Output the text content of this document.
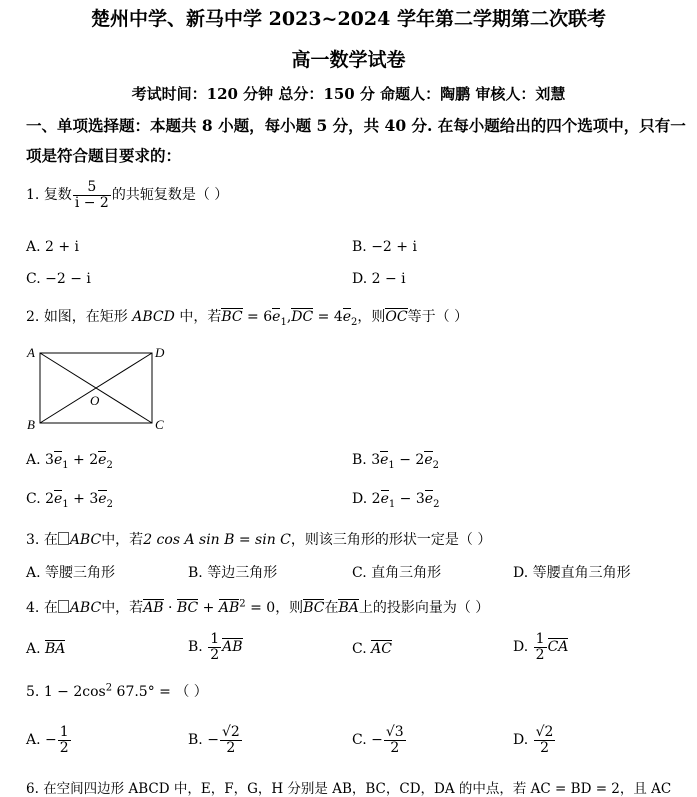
楚州中学、新马中学 2023~2024 学年第二学期第二次联考
高一数学试卷
考试时间：120 分钟 总分：150 分 命题人：陶鹏 审核人：刘慧
一、单项选择题：本题共 8 小题，每小题 5 分，共 40 分. 在每小题给出的四个选项中，只有一
项是符合题目要求的：
1. 复数 $\frac{5}{i - 2}$ 的共轭复数是（ ）
A. 2 + i	B. −2 + i
C. −2 − i	D. 2 − i
2. 如图，在矩形 ABCD 中，若BC = $6e_1,DC = 4e_2$，则OC等于（ ）
A	D
B	C
O
A. $3e_1 + 2e_2$	B. $3e_1 - 2e_2$
C. $2e_1 + 3e_2$	D. $2e_1 - 3e_2$
3. 在 ABC中，若2 cos A sin B = sin C，则该三角形的形状一定是（ ）
A. 等腰三角形	B. 等边三角形	C. 直角三角形	D. 等腰直角三角形
4. 在 ABC中，若AB · BC + $AB^2 = 0$，则BC在BA上的投影向量为（ ）
A. BA	B. $\frac{1}{2}$ AB	C. AC	D. $\frac{1}{2}$ CA
5. $1 - 2\cos^2$ 67.5° = （ ）
A. − $\frac{1}{2}$	B. − $\frac{√2}{2}$	C. − $\frac{√3}{2}$	D. $\frac{√2}{2}$
6. 在空间四边形 ABCD 中，E，F，G，H 分别是 AB，BC，CD，DA 的中点，若 AC = BD = 2，且 AC
